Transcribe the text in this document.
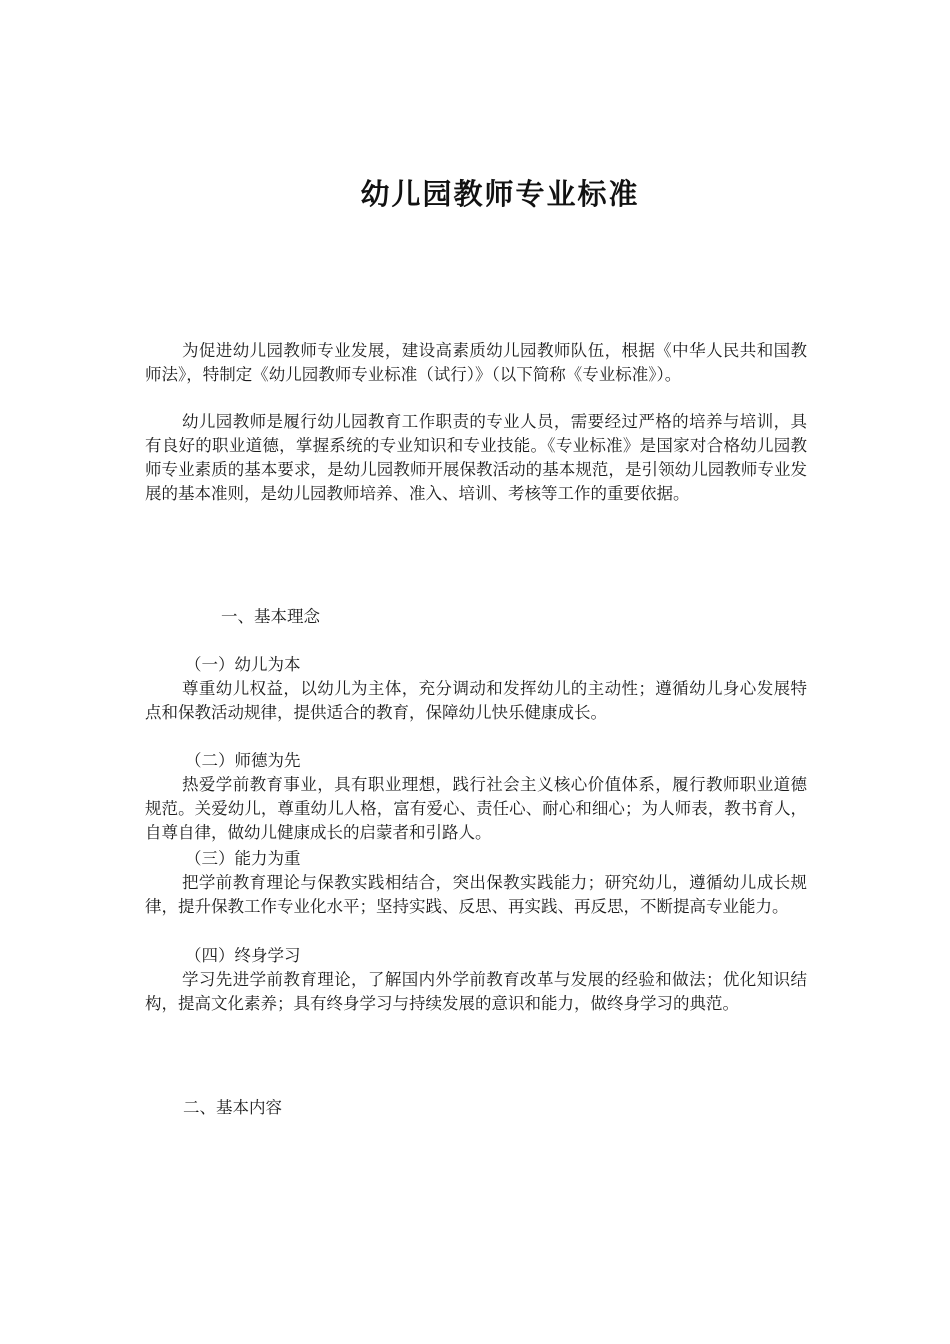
幼儿园教师专业标准

为促进幼儿园教师专业发展，建设高素质幼儿园教师队伍，根据《中华人民共和国教师法》，特制定《幼儿园教师专业标准（试行）》（以下简称《专业标准》）。

幼儿园教师是履行幼儿园教育工作职责的专业人员，需要经过严格的培养与培训，具有良好的职业道德，掌握系统的专业知识和专业技能。《专业标准》是国家对合格幼儿园教师专业素质的基本要求，是幼儿园教师开展保教活动的基本规范，是引领幼儿园教师专业发展的基本准则，是幼儿园教师培养、准入、培训、考核等工作的重要依据。

一、基本理念

（一）幼儿为本

尊重幼儿权益，以幼儿为主体，充分调动和发挥幼儿的主动性；遵循幼儿身心发展特点和保教活动规律，提供适合的教育，保障幼儿快乐健康成长。

（二）师德为先

热爱学前教育事业，具有职业理想，践行社会主义核心价值体系，履行教师职业道德规范。关爱幼儿，尊重幼儿人格，富有爱心、责任心、耐心和细心；为人师表，教书育人，自尊自律，做幼儿健康成长的启蒙者和引路人。

（三）能力为重

把学前教育理论与保教实践相结合，突出保教实践能力；研究幼儿，遵循幼儿成长规律，提升保教工作专业化水平；坚持实践、反思、再实践、再反思，不断提高专业能力。

（四）终身学习

学习先进学前教育理论，了解国内外学前教育改革与发展的经验和做法；优化知识结构，提高文化素养；具有终身学习与持续发展的意识和能力，做终身学习的典范。

二、基本内容
